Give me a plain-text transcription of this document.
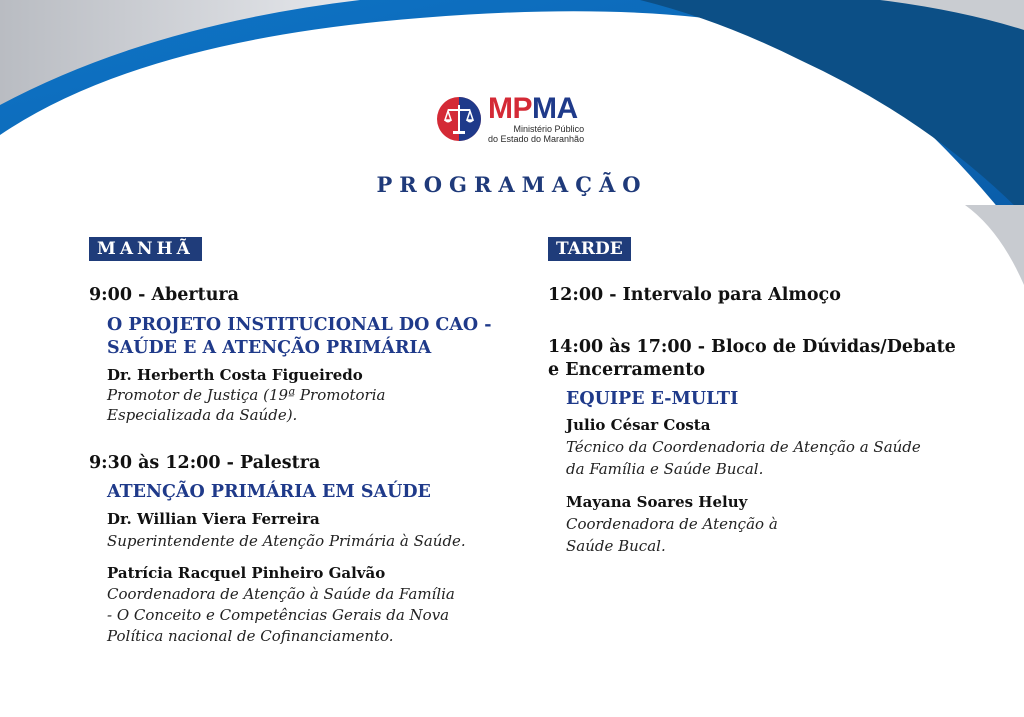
MPMA
Ministério Público
do Estado do Maranhão
PROGRAMAÇÃO
MANHÃ
9:00 - Abertura
O PROJETO INSTITUCIONAL DO CAO -
SAÚDE E A ATENÇÃO PRIMÁRIA
Dr. Herberth Costa Figueiredo
Promotor de Justiça (19ª Promotoria
Especializada da Saúde).
9:30 às 12:00 - Palestra
ATENÇÃO PRIMÁRIA EM SAÚDE
Dr. Willian Viera Ferreira
Superintendente de Atenção Primária à Saúde.
Patrícia Racquel Pinheiro Galvão
Coordenadora de Atenção à Saúde da Família
- O Conceito e Competências Gerais da Nova
Política nacional de Cofinanciamento.
TARDE
12:00 - Intervalo para Almoço
14:00 às 17:00 - Bloco de Dúvidas/Debate
e Encerramento
EQUIPE E-MULTI
Julio César Costa
Técnico da Coordenadoria de Atenção a Saúde
da Família e Saúde Bucal.
Mayana Soares Heluy
Coordenadora de Atenção à
Saúde Bucal.
